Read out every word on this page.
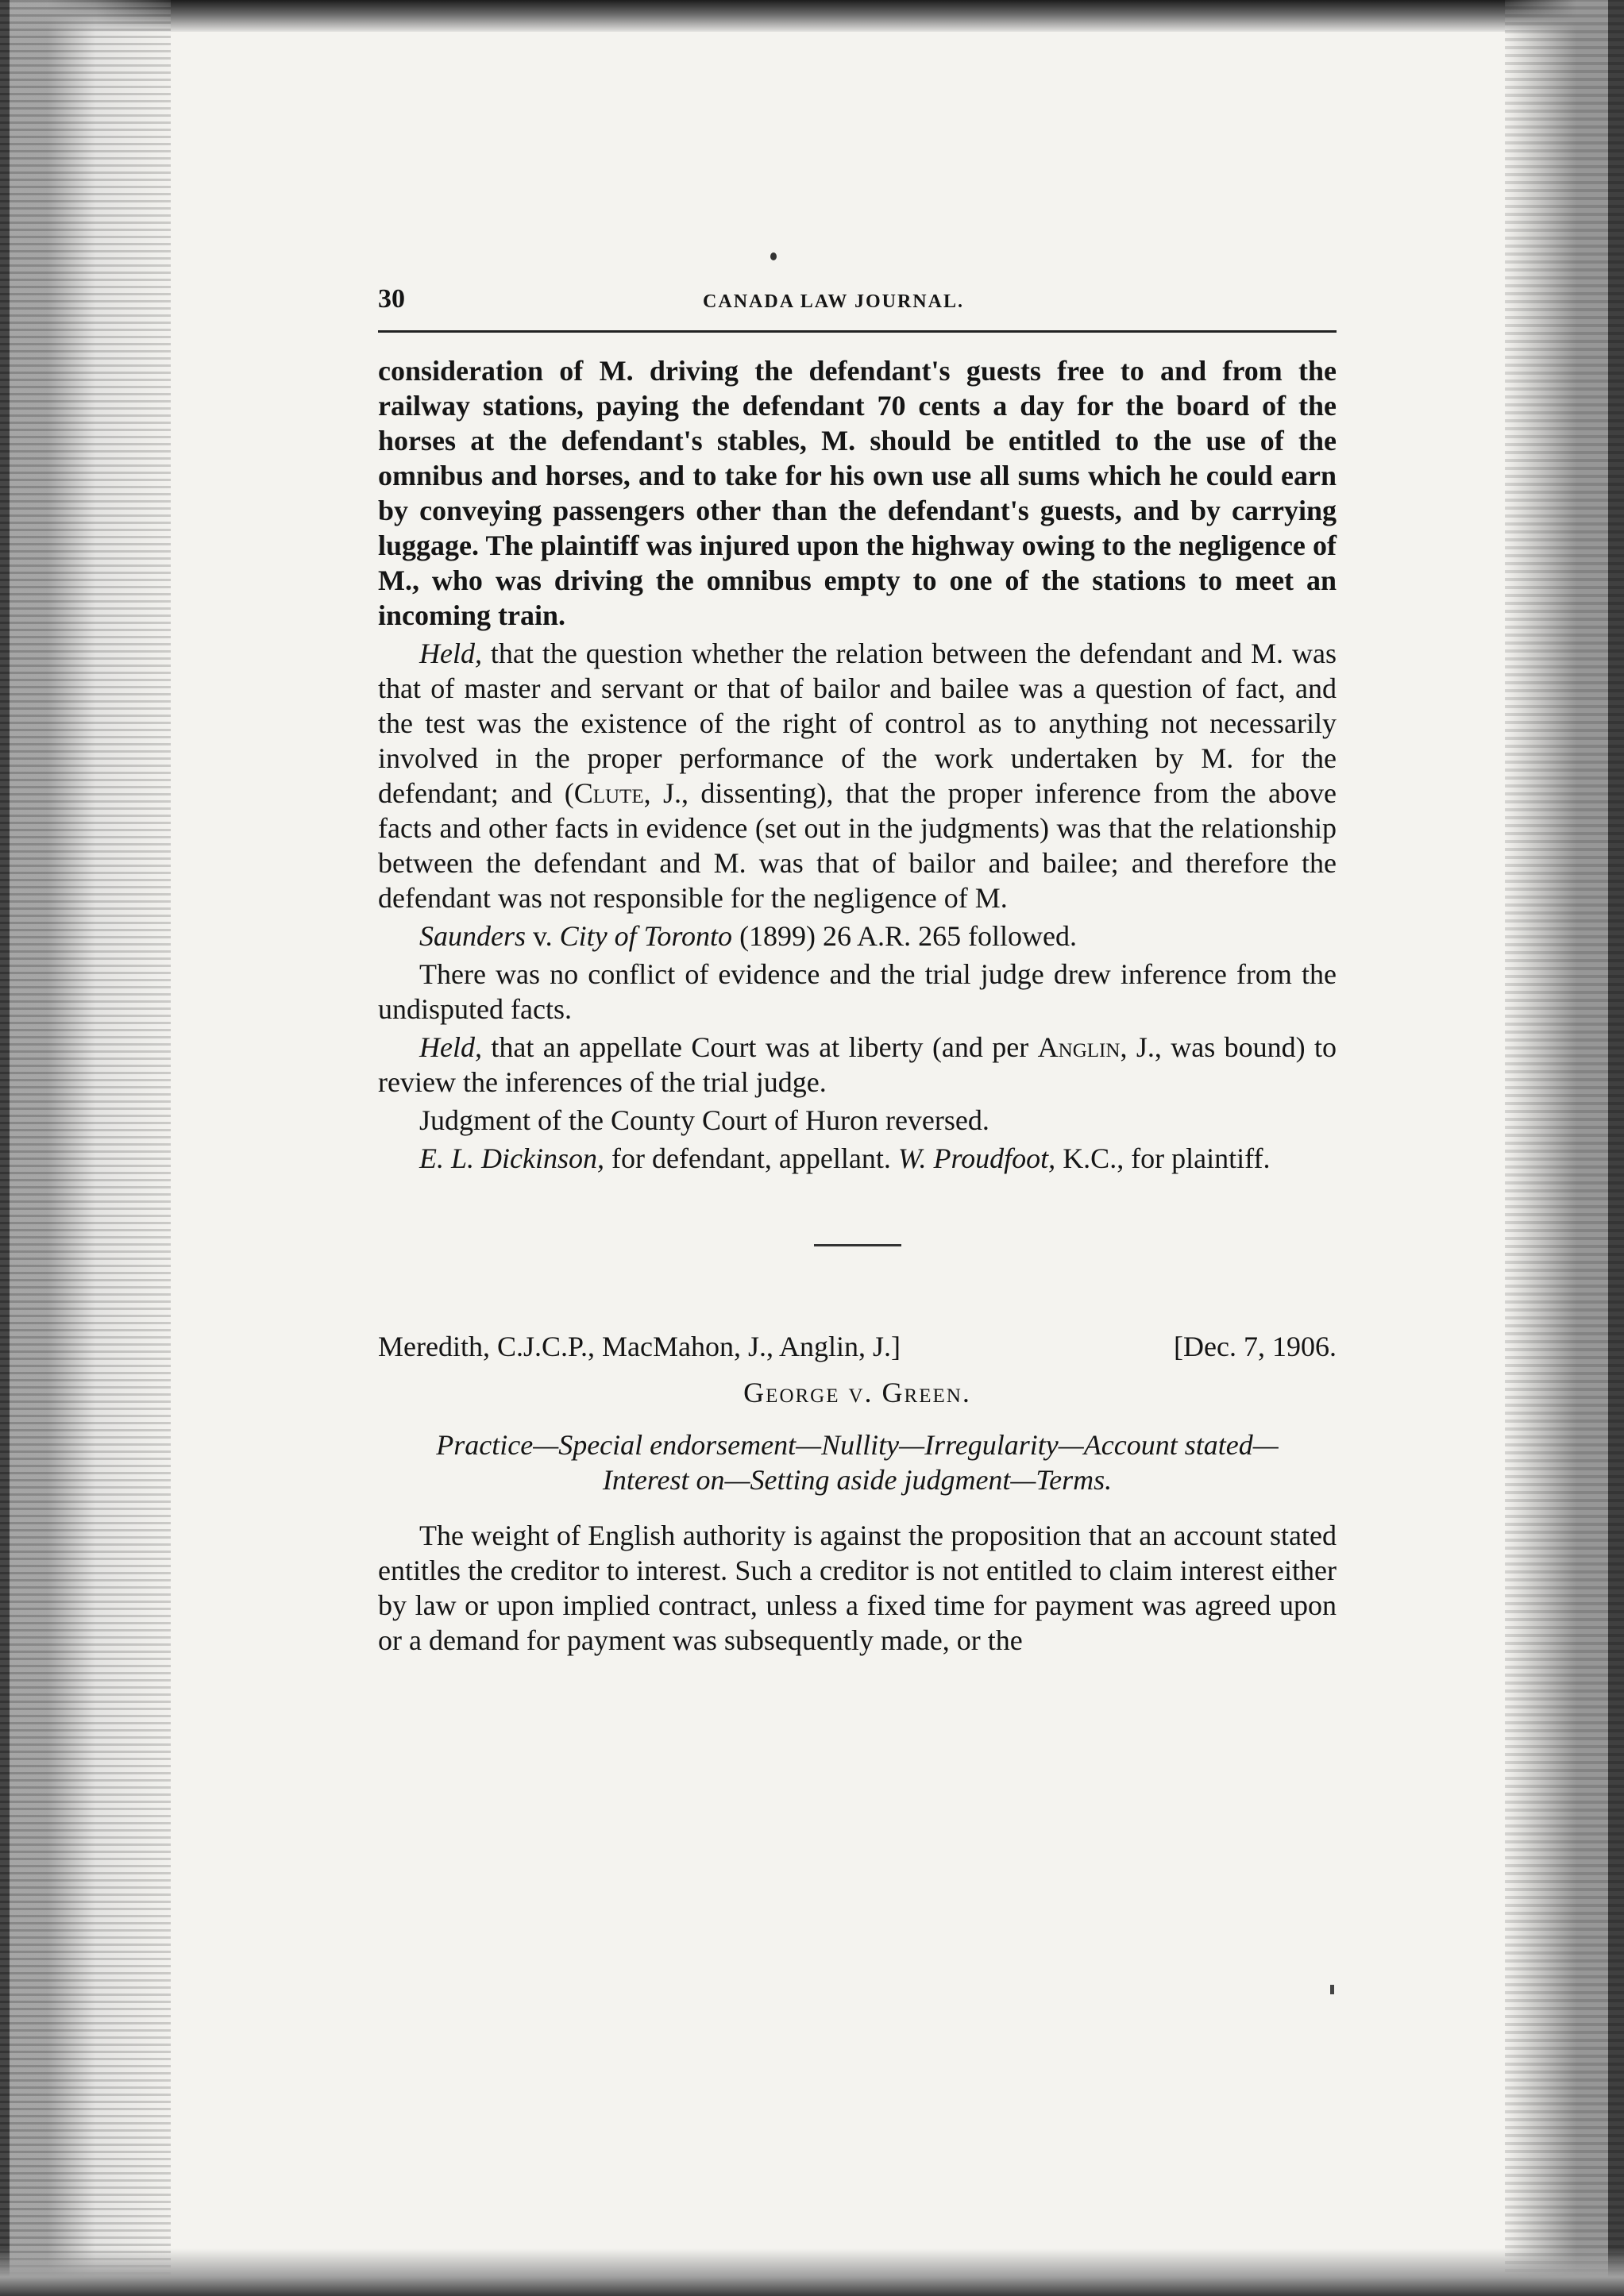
30	CANADA LAW JOURNAL.

consideration of M. driving the defendant's guests free to and from the railway stations, paying the defendant 70 cents a day for the board of the horses at the defendant's stables, M. should be entitled to the use of the omnibus and horses, and to take for his own use all sums which he could earn by conveying passengers other than the defendant's guests, and by carrying luggage. The plaintiff was injured upon the highway owing to the negligence of M., who was driving the omnibus empty to one of the stations to meet an incoming train.

Held, that the question whether the relation between the defendant and M. was that of master and servant or that of bailor and bailee was a question of fact, and the test was the existence of the right of control as to anything not necessarily involved in the proper performance of the work undertaken by M. for the defendant; and (Clute, J., dissenting), that the proper inference from the above facts and other facts in evidence (set out in the judgments) was that the relationship between the defendant and M. was that of bailor and bailee; and therefore the defendant was not responsible for the negligence of M.

Saunders v. City of Toronto (1899) 26 A.R. 265 followed.

There was no conflict of evidence and the trial judge drew inference from the undisputed facts.

Held, that an appellate Court was at liberty (and per Anglin, J., was bound) to review the inferences of the trial judge.

Judgment of the County Court of Huron reversed.

E. L. Dickinson, for defendant, appellant. W. Proudfoot, K.C., for plaintiff.

Meredith, C.J.C.P., MacMahon, J., Anglin, J.]	[Dec. 7, 1906.
George v. Green.
Practice—Special endorsement—Nullity—Irregularity—Account stated—Interest on—Setting aside judgment—Terms.

The weight of English authority is against the proposition that an account stated entitles the creditor to interest. Such a creditor is not entitled to claim interest either by law or upon implied contract, unless a fixed time for payment was agreed upon or a demand for payment was subsequently made, or the
